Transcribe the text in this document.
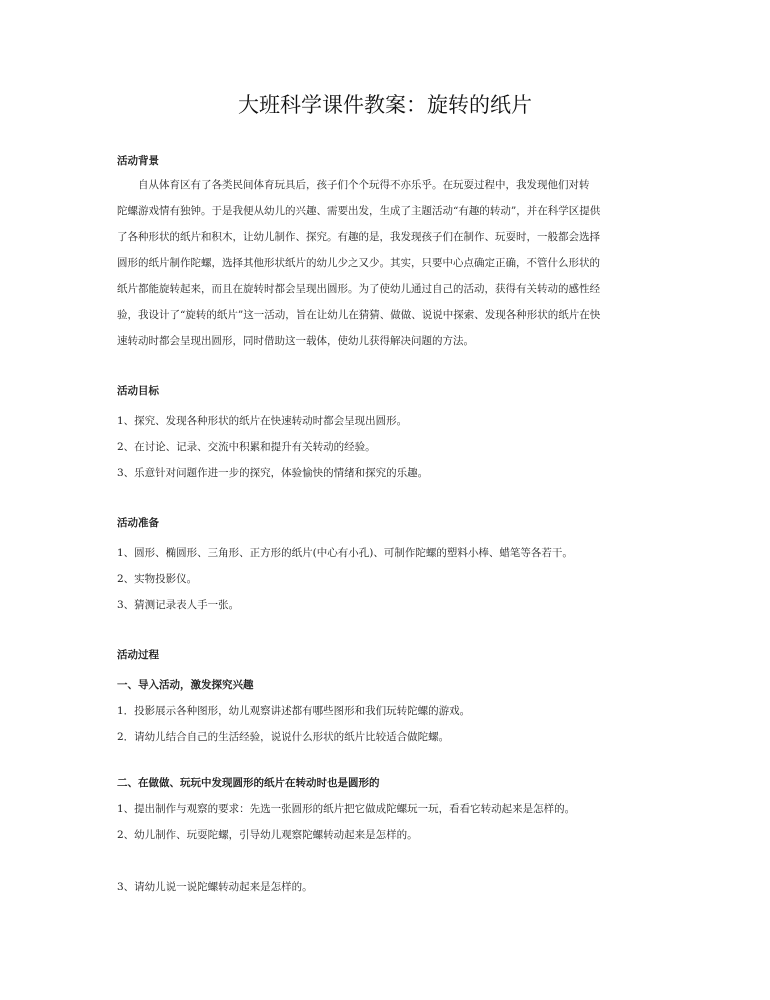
大班科学课件教案：旋转的纸片
活动背景
自从体育区有了各类民间体育玩具后，孩子们个个玩得不亦乐乎。在玩耍过程中，我发现他们对转
陀螺游戏情有独钟。于是我便从幼儿的兴趣、需要出发，生成了主题活动“有趣的转动”，并在科学区提供
了各种形状的纸片和积木，让幼儿制作、探究。有趣的是，我发现孩子们在制作、玩耍时，一般都会选择
圆形的纸片制作陀螺，选择其他形状纸片的幼儿少之又少。其实，只要中心点确定正确，不管什么形状的
纸片都能旋转起来，而且在旋转时都会呈现出圆形。为了使幼儿通过自己的活动，获得有关转动的感性经
验，我设计了“旋转的纸片”这一活动，旨在让幼儿在猜猜、做做、说说中探索、发现各种形状的纸片在快
速转动时都会呈现出圆形，同时借助这一载体，使幼儿获得解决问题的方法。
活动目标
1、探究、发现各种形状的纸片在快速转动时都会呈现出圆形。
2、在讨论、记录、交流中积累和提升有关转动的经验。
3、乐意针对问题作进一步的探究，体验愉快的情绪和探究的乐趣。
活动准备
1、圆形、椭圆形、三角形、正方形的纸片(中心有小孔)、可制作陀螺的塑料小棒、蜡笔等各若干。
2、实物投影仪。
3、猜测记录表人手一张。
活动过程
一、导入活动，激发探究兴趣
1．投影展示各种图形，幼儿观察讲述都有哪些图形和我们玩转陀螺的游戏。
2．请幼儿结合自己的生活经验，说说什么形状的纸片比较适合做陀螺。
二、在做做、玩玩中发现圆形的纸片在转动时也是圆形的
1、提出制作与观察的要求：先选一张圆形的纸片把它做成陀螺玩一玩，看看它转动起来是怎样的。
2、幼儿制作、玩耍陀螺，引导幼儿观察陀螺转动起来是怎样的。
3、请幼儿说一说陀螺转动起来是怎样的。
